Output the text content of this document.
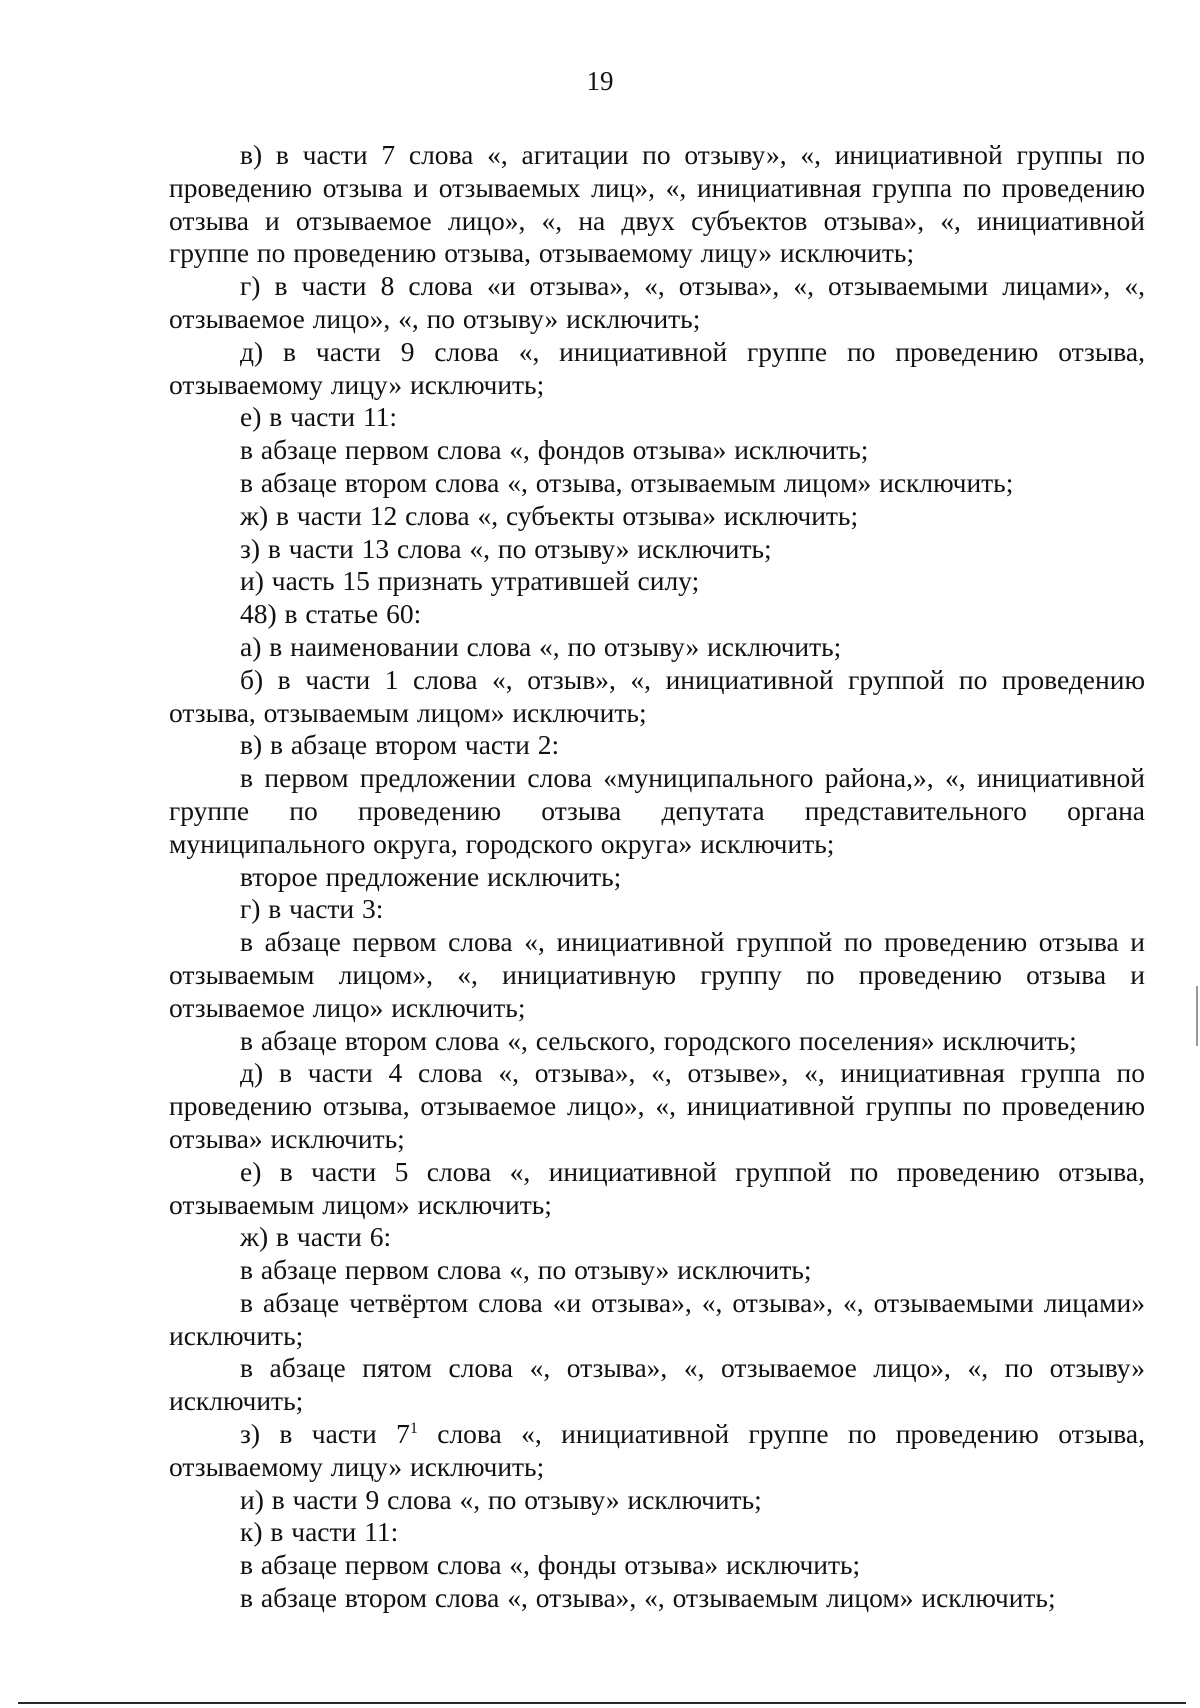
19

в) в части 7 слова «, агитации по отзыву», «, инициативной группы по проведению отзыва и отзываемых лиц», «, инициативная группа по проведению отзыва и отзываемое лицо», «, на двух субъектов отзыва», «, инициативной группе по проведению отзыва, отзываемому лицу» исключить;

г) в части 8 слова «и отзыва», «, отзыва», «, отзываемыми лицами», «, отзываемое лицо», «, по отзыву» исключить;

д) в части 9 слова «, инициативной группе по проведению отзыва, отзываемому лицу» исключить;

е) в части 11:

в абзаце первом слова «, фондов отзыва» исключить;

в абзаце втором слова «, отзыва, отзываемым лицом» исключить;

ж) в части 12 слова «, субъекты отзыва» исключить;

з) в части 13 слова «, по отзыву» исключить;

и) часть 15 признать утратившей силу;

48) в статье 60:

а) в наименовании слова «, по отзыву» исключить;

б) в части 1 слова «, отзыв», «, инициативной группой по проведению отзыва, отзываемым лицом» исключить;

в) в абзаце втором части 2:

в первом предложении слова «муниципального района,», «, инициативной группе по проведению отзыва депутата представительного органа муниципального округа, городского округа» исключить;

второе предложение исключить;

г) в части 3:

в абзаце первом слова «, инициативной группой по проведению отзыва и отзываемым лицом», «, инициативную группу по проведению отзыва и отзываемое лицо» исключить;

в абзаце втором слова «, сельского, городского поселения» исключить;

д) в части 4 слова «, отзыва», «, отзыве», «, инициативная группа по проведению отзыва, отзываемое лицо», «, инициативной группы по проведению отзыва» исключить;

е) в части 5 слова «, инициативной группой по проведению отзыва, отзываемым лицом» исключить;

ж) в части 6:

в абзаце первом слова «, по отзыву» исключить;

в абзаце четвёртом слова «и отзыва», «, отзыва», «, отзываемыми лицами» исключить;

в абзаце пятом слова «, отзыва», «, отзываемое лицо», «, по отзыву» исключить;

з) в части $7^1$ слова «, инициативной группе по проведению отзыва, отзываемому лицу» исключить;

и) в части 9 слова «, по отзыву» исключить;

к) в части 11:

в абзаце первом слова «, фонды отзыва» исключить;

в абзаце втором слова «, отзыва», «, отзываемым лицом» исключить;
